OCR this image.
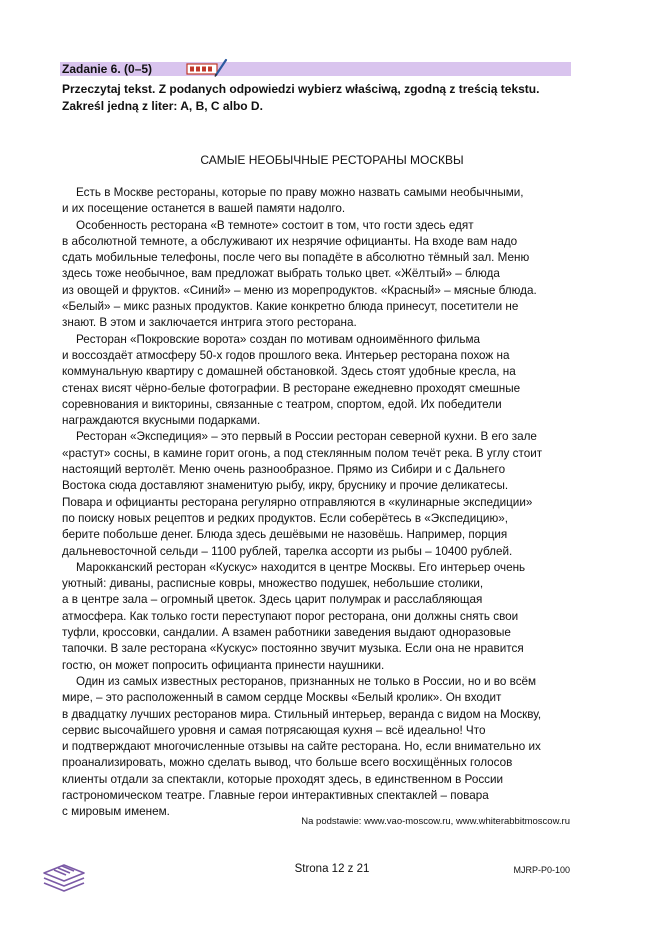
Zadanie 6. (0–5)
Przeczytaj tekst. Z podanych odpowiedzi wybierz właściwą, zgodną z treścią tekstu.
Zakreśl jedną z liter: A, B, C albo D.
САМЫЕ НЕОБЫЧНЫЕ РЕСТОРАНЫ МОСКВЫ
Есть в Москве рестораны, которые по праву можно назвать самыми необычными,
и их посещение останется в вашей памяти надолго.
Особенность ресторана «В темноте» состоит в том, что гости здесь едят
в абсолютной темноте, а обслуживают их незрячие официанты. На входе вам надо
сдать мобильные телефоны, после чего вы попадёте в абсолютно тёмный зал. Меню
здесь тоже необычное, вам предложат выбрать только цвет. «Жёлтый» – блюда
из овощей и фруктов. «Синий» – меню из морепродуктов. «Красный» – мясные блюда.
«Белый» – микс разных продуктов. Какие конкретно блюда принесут, посетители не
знают. В этом и заключается интрига этого ресторана.
Ресторан «Покровские ворота» создан по мотивам одноимённого фильма
и воссоздаёт атмосферу 50-х годов прошлого века. Интерьер ресторана похож на
коммунальную квартиру с домашней обстановкой. Здесь стоят удобные кресла, на
стенах висят чёрно-белые фотографии. В ресторане ежедневно проходят смешные
соревнования и викторины, связанные с театром, спортом, едой. Их победители
награждаются вкусными подарками.
Ресторан «Экспедиция» – это первый в России ресторан северной кухни. В его зале
«растут» сосны, в камине горит огонь, а под стеклянным полом течёт река. В углу стоит
настоящий вертолёт. Меню очень разнообразное. Прямо из Сибири и с Дальнего
Востока сюда доставляют знаменитую рыбу, икру, бруснику и прочие деликатесы.
Повара и официанты ресторана регулярно отправляются в «кулинарные экспедиции»
по поиску новых рецептов и редких продуктов. Если соберётесь в «Экспедицию»,
берите побольше денег. Блюда здесь дешёвыми не назовёшь. Например, порция
дальневосточной сельди – 1100 рублей, тарелка ассорти из рыбы – 10400 рублей.
Марокканский ресторан «Кускус» находится в центре Москвы. Его интерьер очень
уютный: диваны, расписные ковры, множество подушек, небольшие столики,
а в центре зала – огромный цветок. Здесь царит полумрак и расслабляющая
атмосфера. Как только гости переступают порог ресторана, они должны снять свои
туфли, кроссовки, сандалии. А взамен работники заведения выдают одноразовые
тапочки. В зале ресторана «Кускус» постоянно звучит музыка. Если она не нравится
гостю, он может попросить официанта принести наушники.
Один из самых известных ресторанов, признанных не только в России, но и во всём
мире, – это расположенный в самом сердце Москвы «Белый кролик». Он входит
в двадцатку лучших ресторанов мира. Стильный интерьер, веранда с видом на Москву,
сервис высочайшего уровня и самая потрясающая кухня – всё идеально! Что
и подтверждают многочисленные отзывы на сайте ресторана. Но, если внимательно их
проанализировать, можно сделать вывод, что больше всего восхищённых голосов
клиенты отдали за спектакли, которые проходят здесь, в единственном в России
гастрономическом театре. Главные герои интерактивных спектаклей – повара
с мировым именем.
Na podstawie: www.vao-moscow.ru, www.whiterabbitmoscow.ru
Strona 12 z 21	MJRP-P0-100
